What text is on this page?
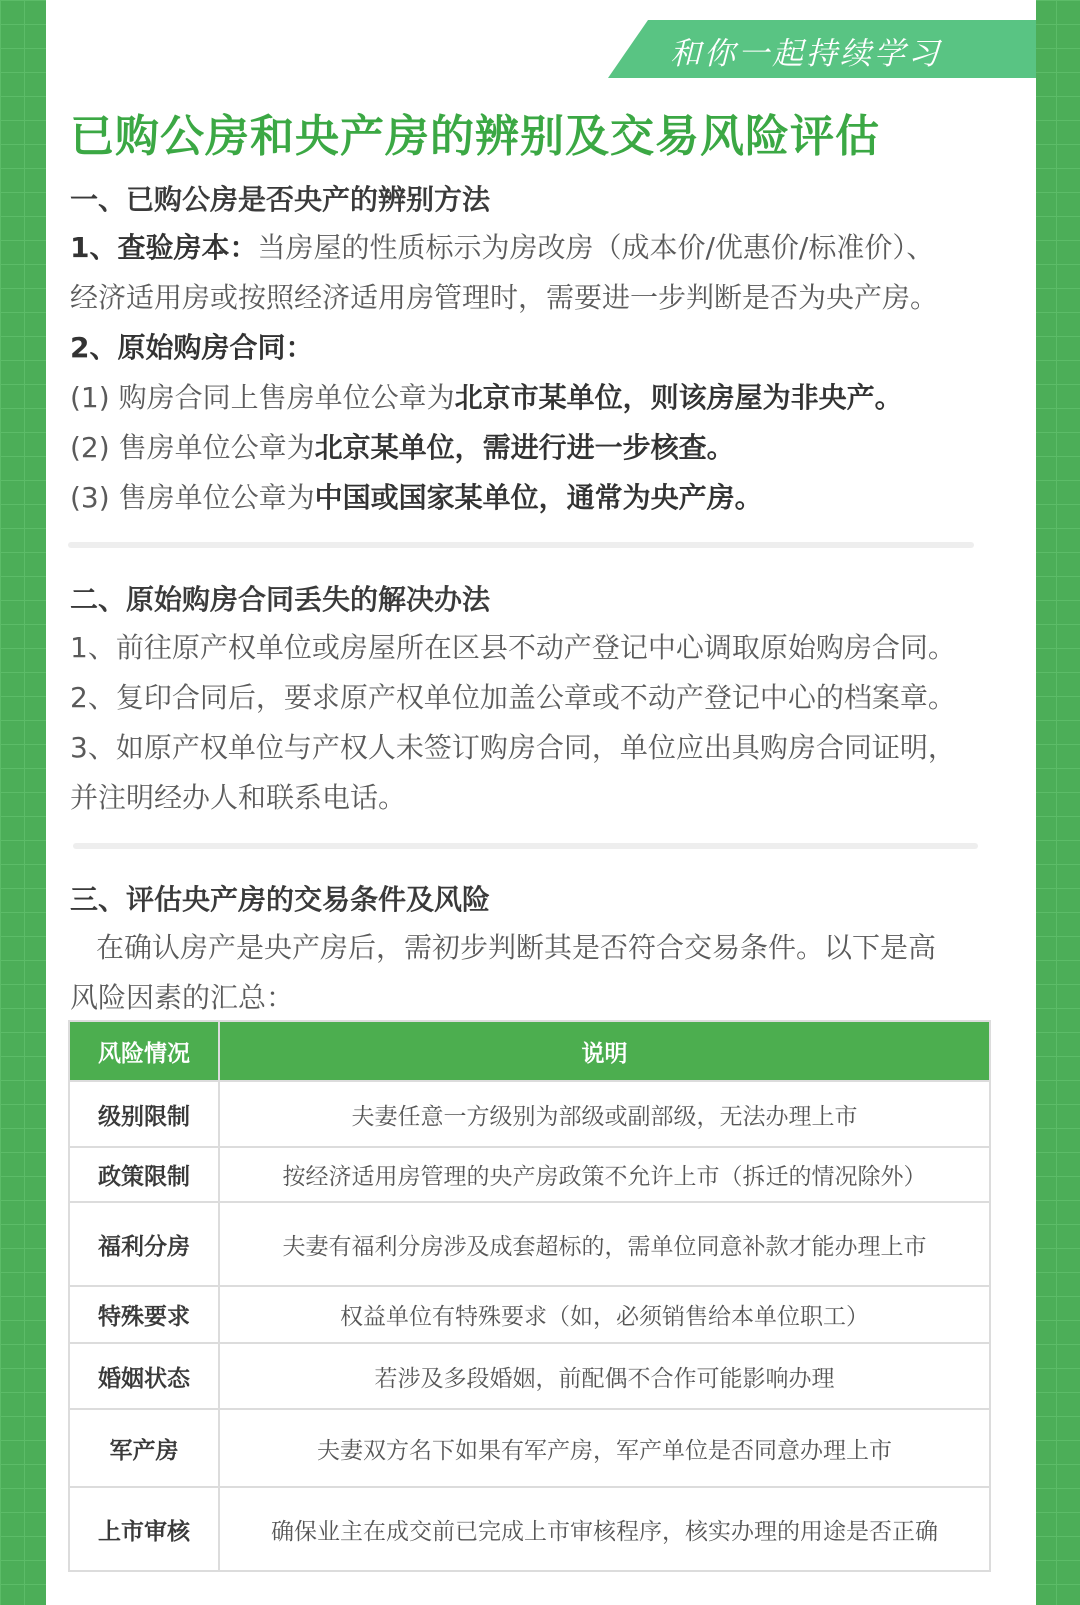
和你一起持续学习
已购公房和央产房的辨别及交易风险评估
一、已购公房是否央产的辨别方法
1、查验房本：当房屋的性质标示为房改房（成本价/优惠价/标准价）、
经济适用房或按照经济适用房管理时，需要进一步判断是否为央产房。
2、原始购房合同：
(1) 购房合同上售房单位公章为北京市某单位，则该房屋为非央产。
(2) 售房单位公章为北京某单位，需进行进一步核查。
(3) 售房单位公章为中国或国家某单位，通常为央产房。
二、原始购房合同丢失的解决办法
1、前往原产权单位或房屋所在区县不动产登记中心调取原始购房合同。
2、复印合同后，要求原产权单位加盖公章或不动产登记中心的档案章。
3、如原产权单位与产权人未签订购房合同，单位应出具购房合同证明，
并注明经办人和联系电话。
三、评估央产房的交易条件及风险
在确认房产是央产房后，需初步判断其是否符合交易条件。以下是高
风险因素的汇总：
风险情况	说明
级别限制	夫妻任意一方级别为部级或副部级，无法办理上市
政策限制	按经济适用房管理的央产房政策不允许上市（拆迁的情况除外）
福利分房	夫妻有福利分房涉及成套超标的，需单位同意补款才能办理上市
特殊要求	权益单位有特殊要求（如，必须销售给本单位职工）
婚姻状态	若涉及多段婚姻，前配偶不合作可能影响办理
军产房	夫妻双方名下如果有军产房，军产单位是否同意办理上市
上市审核	确保业主在成交前已完成上市审核程序，核实办理的用途是否正确
